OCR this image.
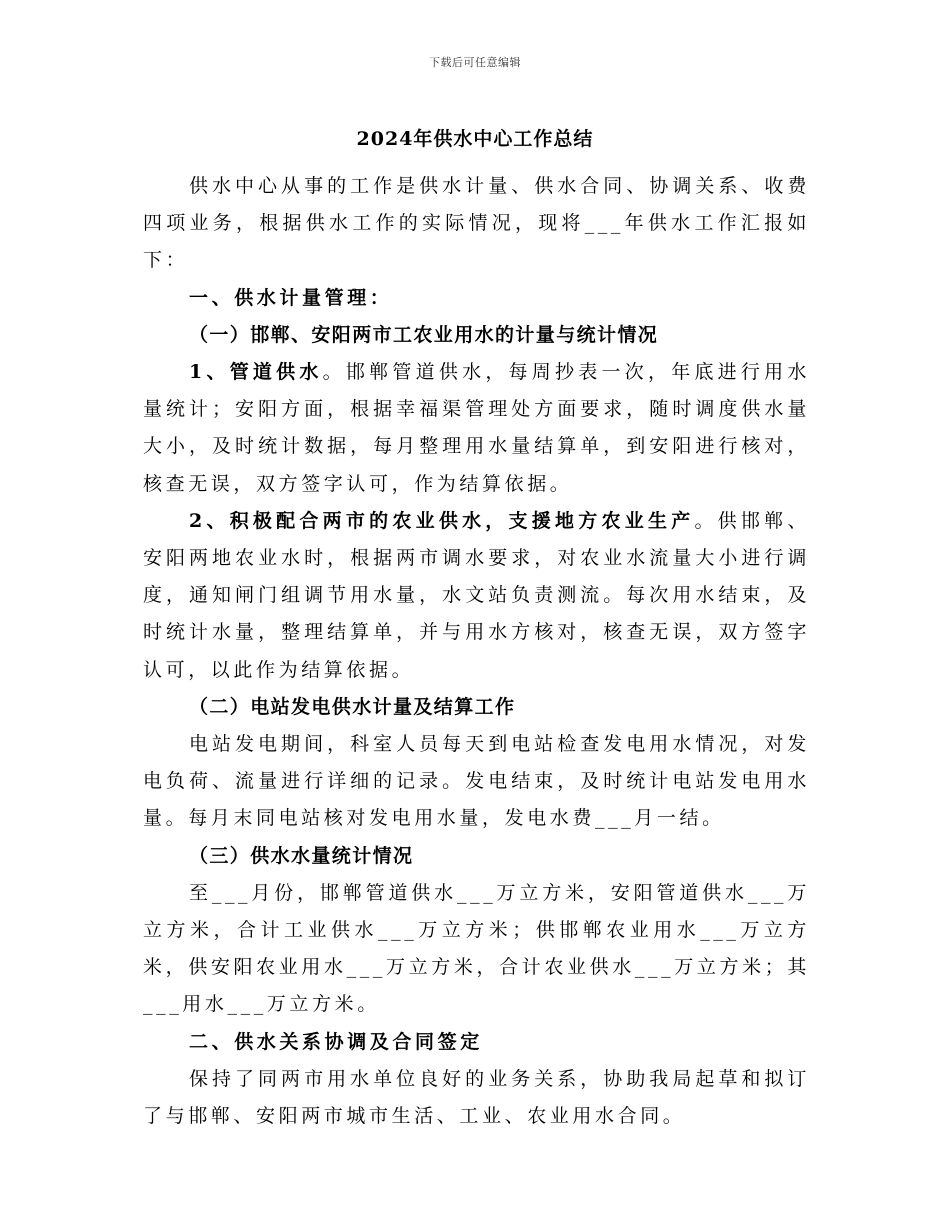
下载后可任意编辑
2024年供水中心工作总结

供水中心从事的工作是供水计量、供水合同、协调关系、收费四项业务，根据供水工作的实际情况，现将___年供水工作汇报如下：

一、供水计量管理：

（一）邯郸、安阳两市工农业用水的计量与统计情况

1、管道供水。邯郸管道供水，每周抄表一次，年底进行用水量统计；安阳方面，根据幸福渠管理处方面要求，随时调度供水量大小，及时统计数据，每月整理用水量结算单，到安阳进行核对，核查无误，双方签字认可，作为结算依据。

2、积极配合两市的农业供水，支援地方农业生产。供邯郸、安阳两地农业水时，根据两市调水要求，对农业水流量大小进行调度，通知闸门组调节用水量，水文站负责测流。每次用水结束，及时统计水量，整理结算单，并与用水方核对，核查无误，双方签字认可，以此作为结算依据。

（二）电站发电供水计量及结算工作

电站发电期间，科室人员每天到电站检查发电用水情况，对发电负荷、流量进行详细的记录。发电结束，及时统计电站发电用水量。每月末同电站核对发电用水量，发电水费___月一结。

（三）供水水量统计情况

至___月份，邯郸管道供水___万立方米，安阳管道供水___万立方米，合计工业供水___万立方米；供邯郸农业用水___万立方米，供安阳农业用水___万立方米，合计农业供水___万立方米；其___用水___万立方米。

二、供水关系协调及合同签定

保持了同两市用水单位良好的业务关系，协助我局起草和拟订了与邯郸、安阳两市城市生活、工业、农业用水合同。
